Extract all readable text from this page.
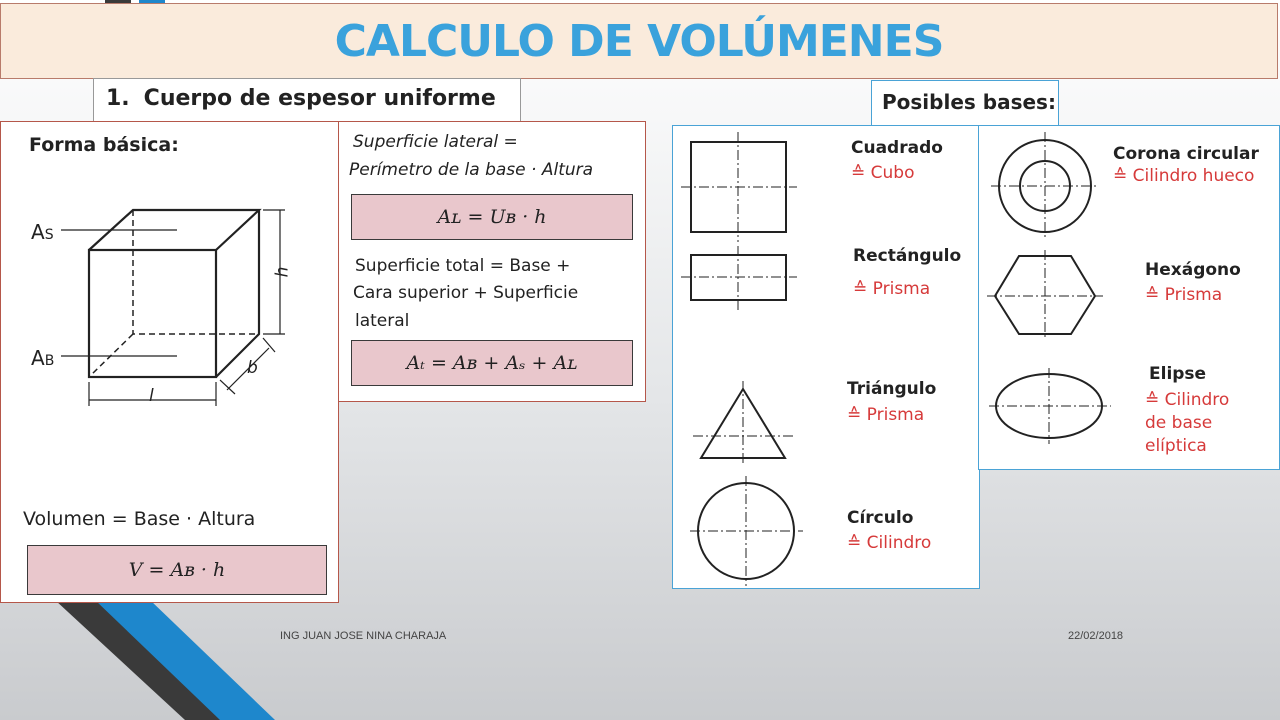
CALCULO DE VOLÚMENES
1. Cuerpo de espesor uniforme
Forma básica:
AS
AB
h
b
l
Volumen = Base · Altura
V = Aʙ · h
Superficie lateral =
Perímetro de la base · Altura
Aʟ = Uʙ · h
Superficie total = Base +
Cara superior + Superficie
lateral
Aₜ = Aʙ + Aₛ + Aʟ
Posibles bases:
Cuadrado
≙ Cubo
Rectángulo
≙ Prisma
Triángulo
≙ Prisma
Círculo
≙ Cilindro
Corona circular
≙ Cilindro hueco
Hexágono
≙ Prisma
Elipse
≙ Cilindro
de base
elíptica
ING JUAN JOSE NINA CHARAJA	22/02/2018
